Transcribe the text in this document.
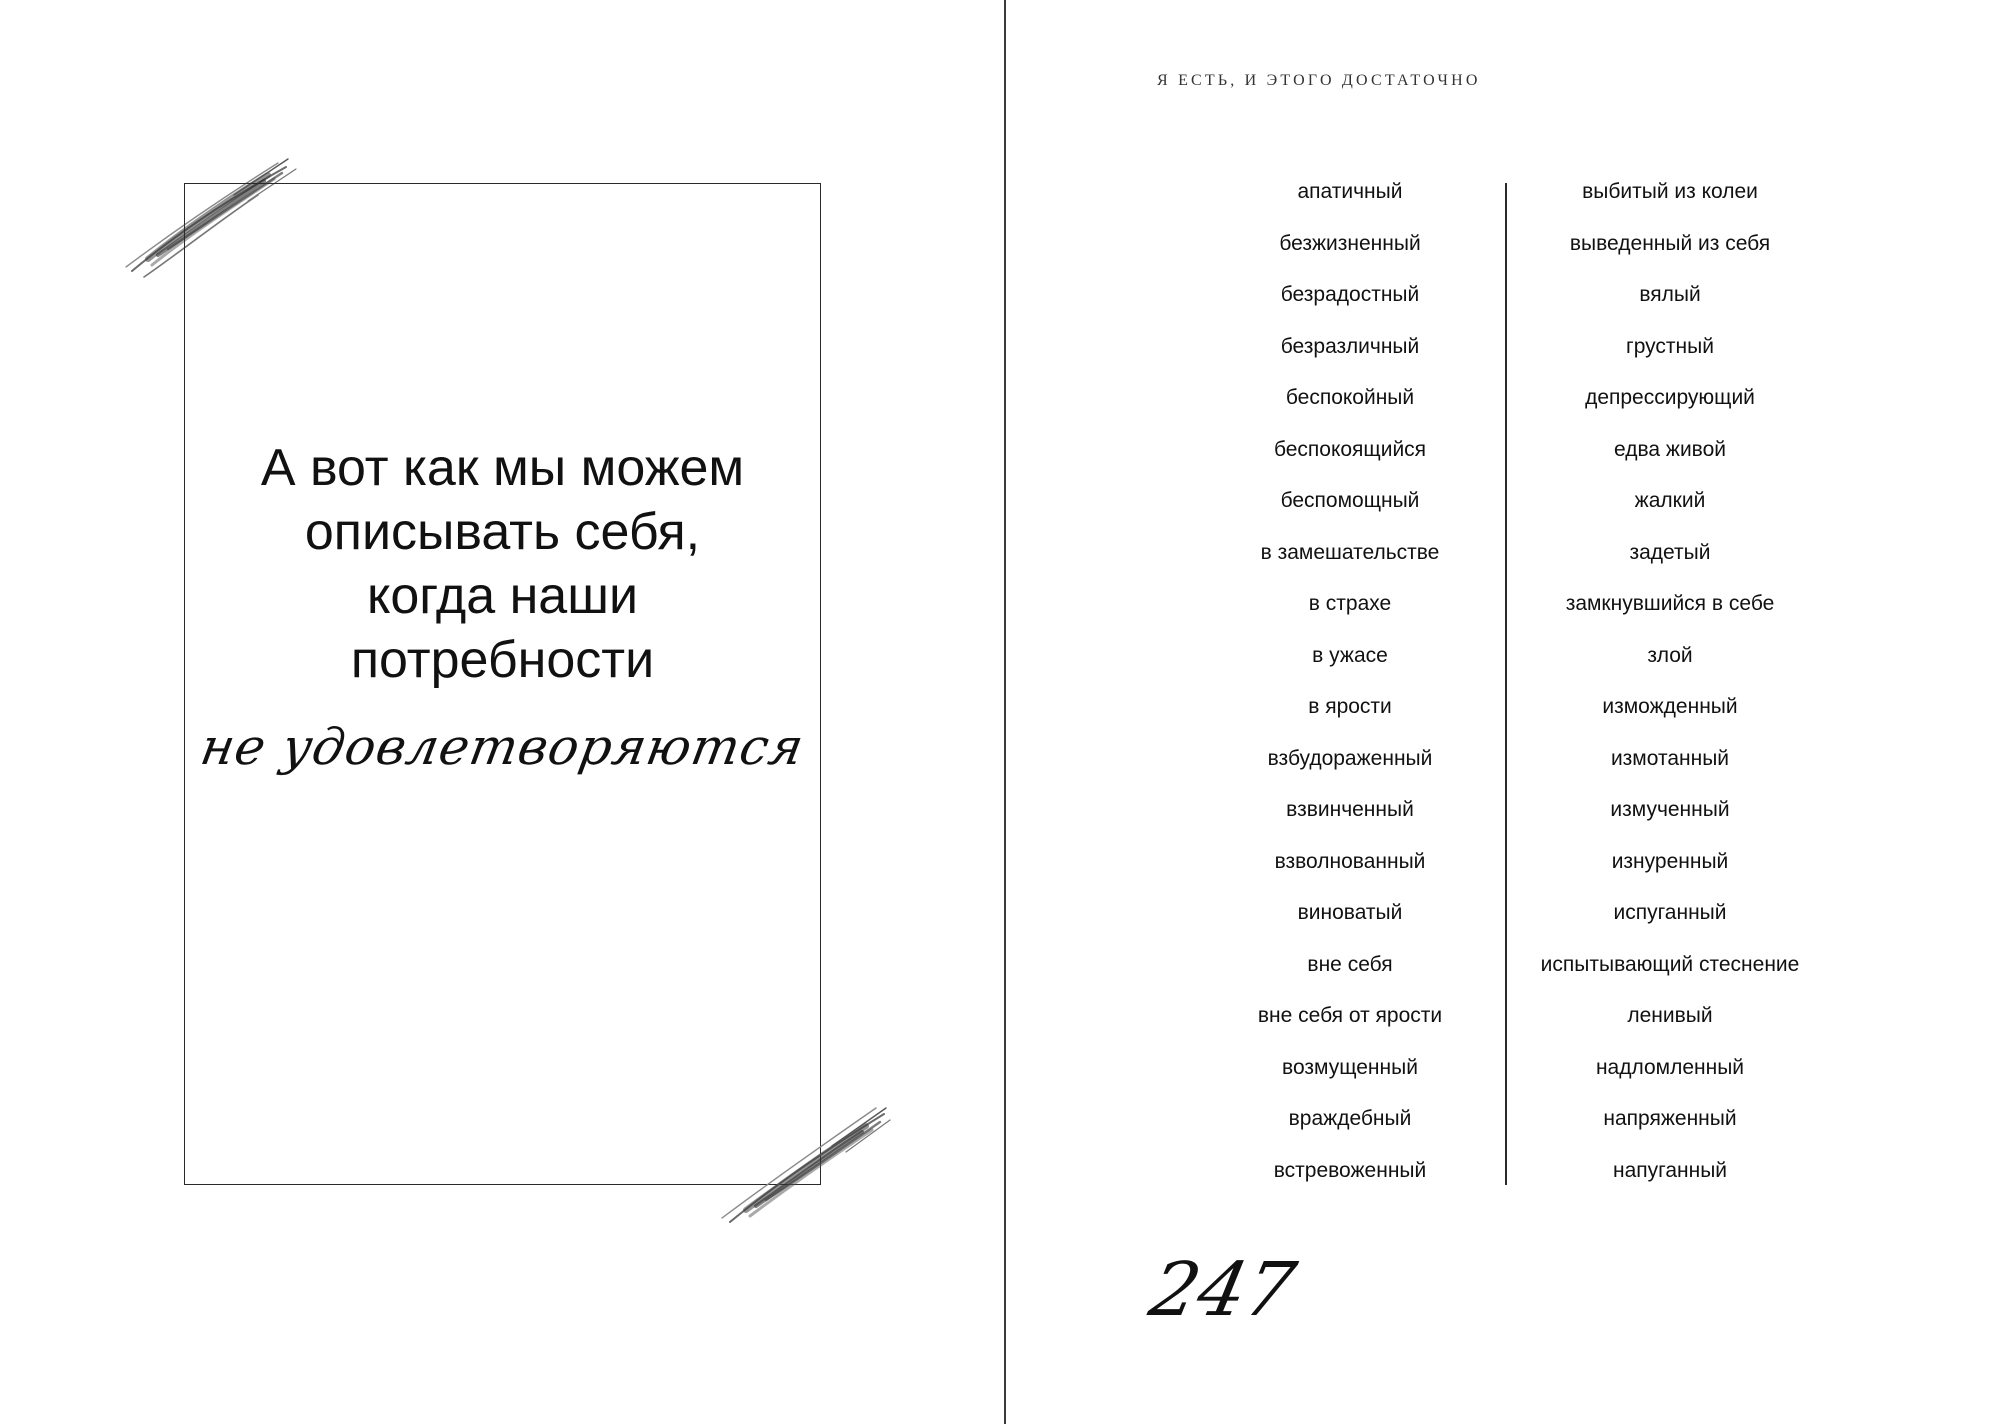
А вот как мы можем
описывать себя,
когда наши
потребности
не удовлетворяются
Я ЕСТЬ, И ЭТОГО ДОСТАТОЧНО
апатичный
безжизненный
безрадостный
безразличный
беспокойный
беспокоящийся
беспомощный
в замешательстве
в страхе
в ужасе
в ярости
взбудораженный
взвинченный
взволнованный
виноватый
вне себя
вне себя от ярости
возмущенный
враждебный
встревоженный
выбитый из колеи
выведенный из себя
вялый
грустный
депрессирующий
едва живой
жалкий
задетый
замкнувшийся в себе
злой
изможденный
измотанный
измученный
изнуренный
испуганный
испытывающий стеснение
ленивый
надломленный
напряженный
напуганный
247
